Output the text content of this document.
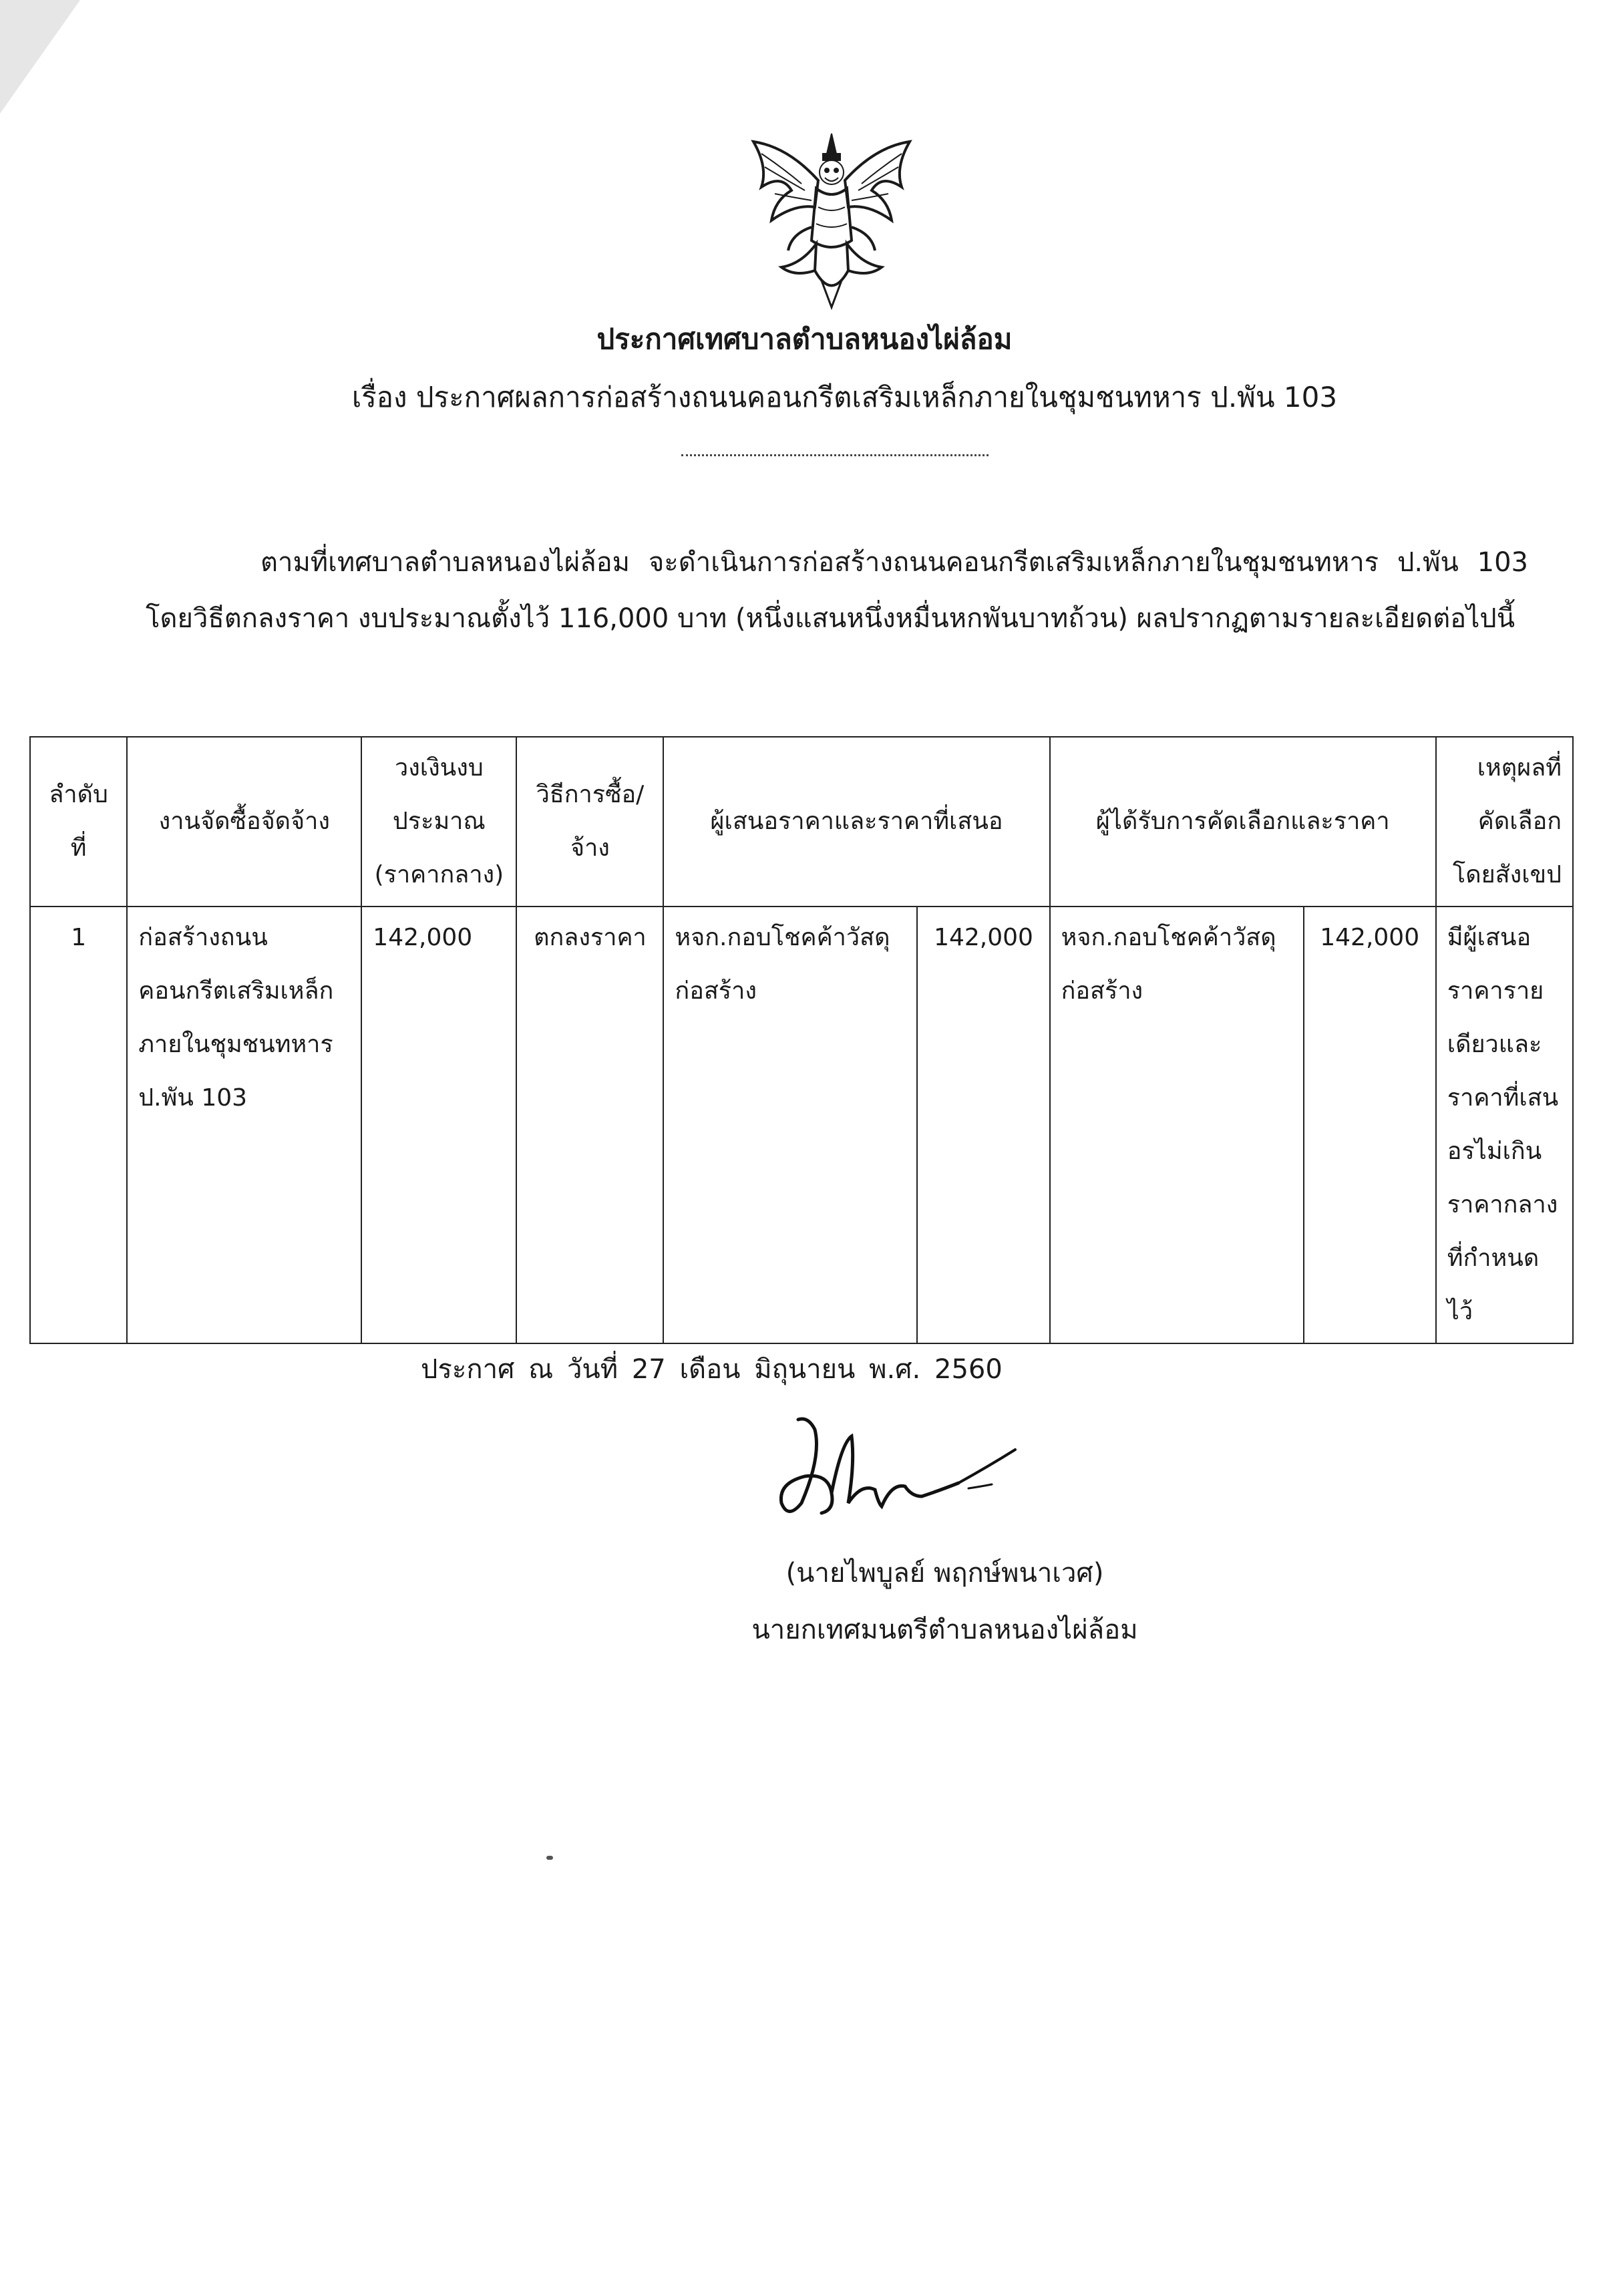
ประกาศเทศบาลตำบลหนองไผ่ล้อม
เรื่อง ประกาศผลการก่อสร้างถนนคอนกรีตเสริมเหล็กภายในชุมชนทหาร ป.พัน 103
ตามที่เทศบาลตำบลหนองไผ่ล้อม จะดำเนินการก่อสร้างถนนคอนกรีตเสริมเหล็กภายในชุมชนทหาร ป.พัน 103 โดยวิธีตกลงราคา งบประมาณตั้งไว้ 116,000 บาท (หนึ่งแสนหนึ่งหมื่นหกพันบาทถ้วน) ผลปรากฏตามรายละเอียดต่อไปนี้
ลำดับที่	งานจัดซื้อจัดจ้าง	วงเงินงบประมาณ (ราคากลาง)	วิธีการซื้อ/จ้าง	ผู้เสนอราคาและราคาที่เสนอ		ผู้ได้รับการคัดเลือกและราคา		เหตุผลที่คัดเลือกโดยสังเขป
1	ก่อสร้างถนนคอนกรีตเสริมเหล็กภายในชุมชนทหาร ป.พัน 103	142,000	ตกลงราคา	หจก.กอบโชคค้าวัสดุก่อสร้าง	142,000	หจก.กอบโชคค้าวัสดุก่อสร้าง	142,000	มีผู้เสนอราคารายเดียวและราคาที่เสนอรไม่เกินราคากลางที่กำหนดไว้
ประกาศ ณ วันที่ 27 เดือน มิถุนายน พ.ศ. 2560
(นายไพบูลย์ พฤกษ์พนาเวศ)
นายกเทศมนตรีตำบลหนองไผ่ล้อม
